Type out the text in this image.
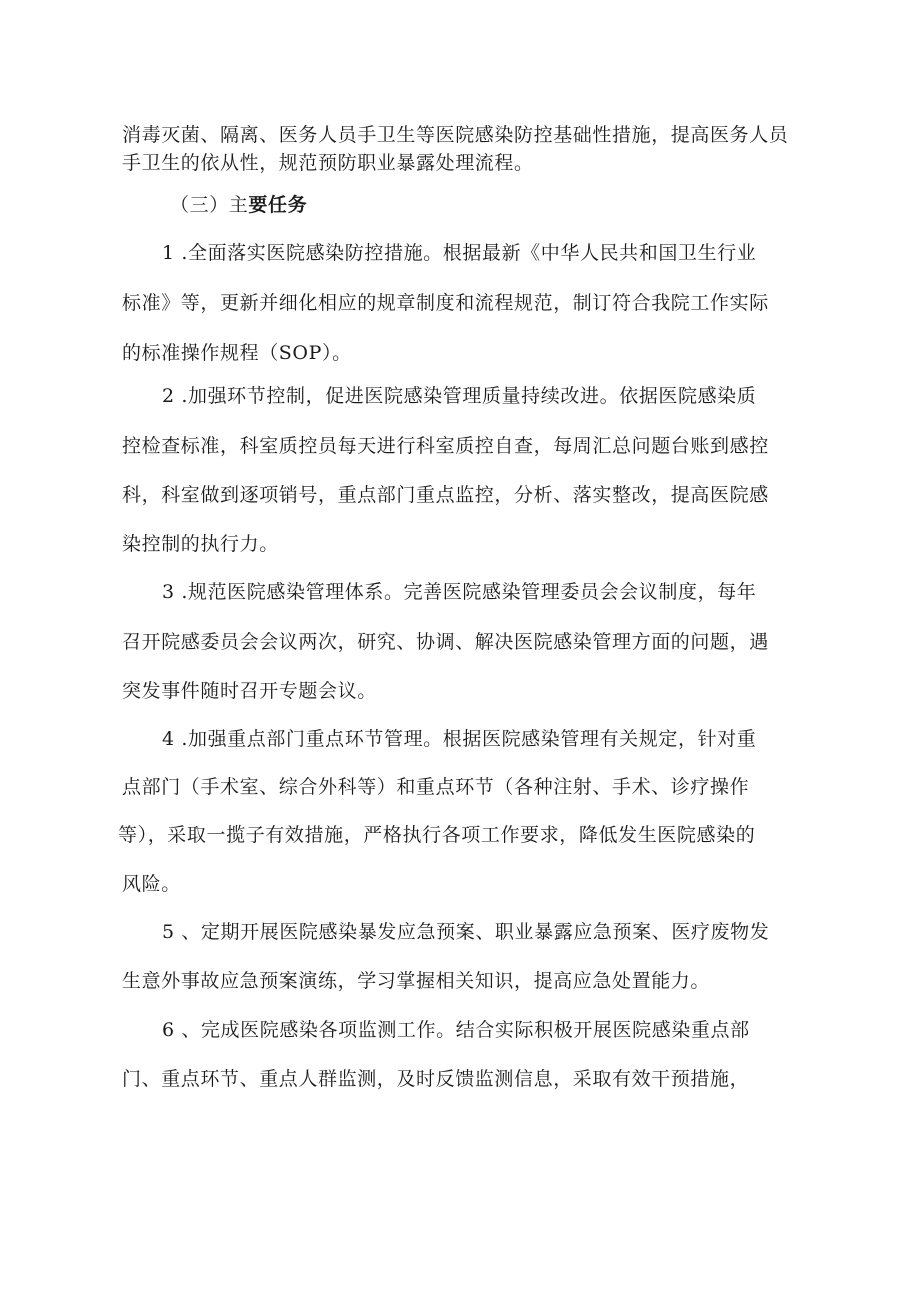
消毒灭菌、隔离、医务人员手卫生等医院感染防控基础性措施，提高医务人员
手卫生的依从性，规范预防职业暴露处理流程。
（三）主要任务
1 .全面落实医院感染防控措施。根据最新《中华人民共和国卫生行业
标准》等，更新并细化相应的规章制度和流程规范，制订符合我院工作实际
的标准操作规程（SOP）。
2 .加强环节控制，促进医院感染管理质量持续改进。依据医院感染质
控检查标准，科室质控员每天进行科室质控自查，每周汇总问题台账到感控
科，科室做到逐项销号，重点部门重点监控，分析、落实整改，提高医院感
染控制的执行力。
3 .规范医院感染管理体系。完善医院感染管理委员会会议制度，每年
召开院感委员会会议两次，研究、协调、解决医院感染管理方面的问题，遇
突发事件随时召开专题会议。
4 .加强重点部门重点环节管理。根据医院感染管理有关规定，针对重
点部门（手术室、综合外科等）和重点环节（各种注射、手术、诊疗操作
等），采取一揽子有效措施，严格执行各项工作要求，降低发生医院感染的
风险。
5 、定期开展医院感染暴发应急预案、职业暴露应急预案、医疗废物发
生意外事故应急预案演练，学习掌握相关知识，提高应急处置能力。
6 、完成医院感染各项监测工作。结合实际积极开展医院感染重点部
门、重点环节、重点人群监测，及时反馈监测信息，采取有效干预措施，
